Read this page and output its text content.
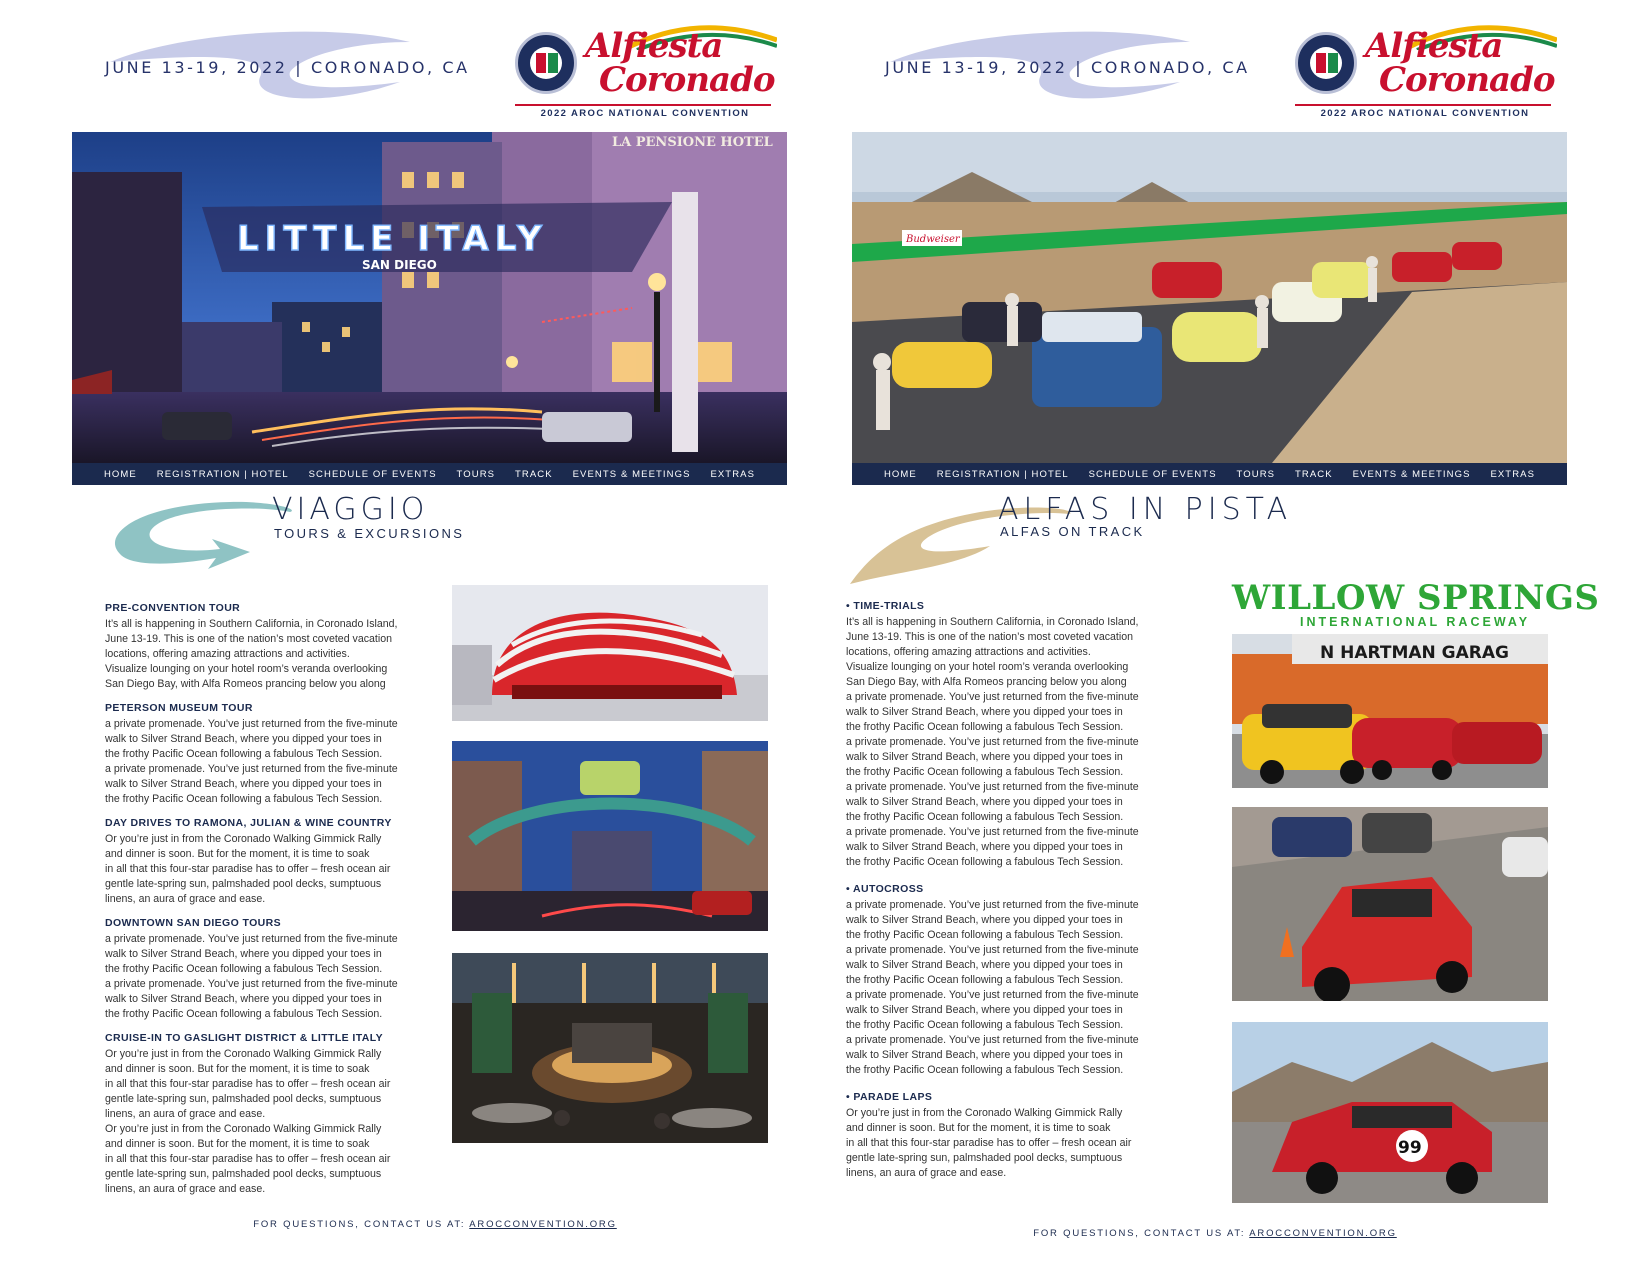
JUNE 13-19, 2022 | CORONADO, CA
Alfiesta
Coronado
2022 AROC NATIONAL CONVENTION
LITTLE ITALY
SAN DIEGO
LA PENSIONE HOTEL
HOME REGISTRATION | HOTEL SCHEDULE OF EVENTS TOURS TRACK EVENTS & MEETINGS EXTRAS
VIAGGIO
TOURS & EXCURSIONS
PRE-CONVENTION TOUR

It’s all is happening in Southern California, in Coronado Island,
June 13-19. This is one of the nation’s most coveted vacation
locations, offering amazing attractions and activities.
Visualize lounging on your hotel room’s veranda overlooking
San Diego Bay, with Alfa Romeos prancing below you along

PETERSON MUSEUM TOUR

a private promenade. You’ve just returned from the five-minute
walk to Silver Strand Beach, where you dipped your toes in
the frothy Pacific Ocean following a fabulous Tech Session.
a private promenade. You’ve just returned from the five-minute
walk to Silver Strand Beach, where you dipped your toes in
the frothy Pacific Ocean following a fabulous Tech Session.

DAY DRIVES TO RAMONA, JULIAN & WINE COUNTRY

Or you’re just in from the Coronado Walking Gimmick Rally
and dinner is soon. But for the moment, it is time to soak
in all that this four-star paradise has to offer – fresh ocean air
gentle late-spring sun, palmshaded pool decks, sumptuous
linens, an aura of grace and ease.

DOWNTOWN SAN DIEGO TOURS

a private promenade. You’ve just returned from the five-minute
walk to Silver Strand Beach, where you dipped your toes in
the frothy Pacific Ocean following a fabulous Tech Session.
a private promenade. You’ve just returned from the five-minute
walk to Silver Strand Beach, where you dipped your toes in
the frothy Pacific Ocean following a fabulous Tech Session.

CRUISE-IN TO GASLIGHT DISTRICT & LITTLE ITALY

Or you’re just in from the Coronado Walking Gimmick Rally
and dinner is soon. But for the moment, it is time to soak
in all that this four-star paradise has to offer – fresh ocean air
gentle late-spring sun, palmshaded pool decks, sumptuous
linens, an aura of grace and ease.
Or you’re just in from the Coronado Walking Gimmick Rally
and dinner is soon. But for the moment, it is time to soak
in all that this four-star paradise has to offer – fresh ocean air
gentle late-spring sun, palmshaded pool decks, sumptuous
linens, an aura of grace and ease.

FOR QUESTIONS, CONTACT US AT: AROCCONVENTION.ORG
JUNE 13-19, 2022 | CORONADO, CA
Alfiesta
Coronado
2022 AROC NATIONAL CONVENTION
Budweiser
HOME REGISTRATION | HOTEL SCHEDULE OF EVENTS TOURS TRACK EVENTS & MEETINGS EXTRAS
ALFAS IN PISTA
ALFAS ON TRACK
• TIME-TRIALS

It’s all is happening in Southern California, in Coronado Island,
June 13-19. This is one of the nation’s most coveted vacation
locations, offering amazing attractions and activities.
Visualize lounging on your hotel room’s veranda overlooking
San Diego Bay, with Alfa Romeos prancing below you along
a private promenade. You’ve just returned from the five-minute
walk to Silver Strand Beach, where you dipped your toes in
the frothy Pacific Ocean following a fabulous Tech Session.
a private promenade. You’ve just returned from the five-minute
walk to Silver Strand Beach, where you dipped your toes in
the frothy Pacific Ocean following a fabulous Tech Session.
a private promenade. You’ve just returned from the five-minute
walk to Silver Strand Beach, where you dipped your toes in
the frothy Pacific Ocean following a fabulous Tech Session.
a private promenade. You’ve just returned from the five-minute
walk to Silver Strand Beach, where you dipped your toes in
the frothy Pacific Ocean following a fabulous Tech Session.

• AUTOCROSS

a private promenade. You’ve just returned from the five-minute
walk to Silver Strand Beach, where you dipped your toes in
the frothy Pacific Ocean following a fabulous Tech Session.
a private promenade. You’ve just returned from the five-minute
walk to Silver Strand Beach, where you dipped your toes in
the frothy Pacific Ocean following a fabulous Tech Session.
a private promenade. You’ve just returned from the five-minute
walk to Silver Strand Beach, where you dipped your toes in
the frothy Pacific Ocean following a fabulous Tech Session.
a private promenade. You’ve just returned from the five-minute
walk to Silver Strand Beach, where you dipped your toes in
the frothy Pacific Ocean following a fabulous Tech Session.

• PARADE LAPS

Or you’re just in from the Coronado Walking Gimmick Rally
and dinner is soon. But for the moment, it is time to soak
in all that this four-star paradise has to offer – fresh ocean air
gentle late-spring sun, palmshaded pool decks, sumptuous
linens, an aura of grace and ease.

WILLOW SPRINGS
INTERNATIONAL RACEWAY
N HARTMAN GARAG
99
FOR QUESTIONS, CONTACT US AT: AROCCONVENTION.ORG
